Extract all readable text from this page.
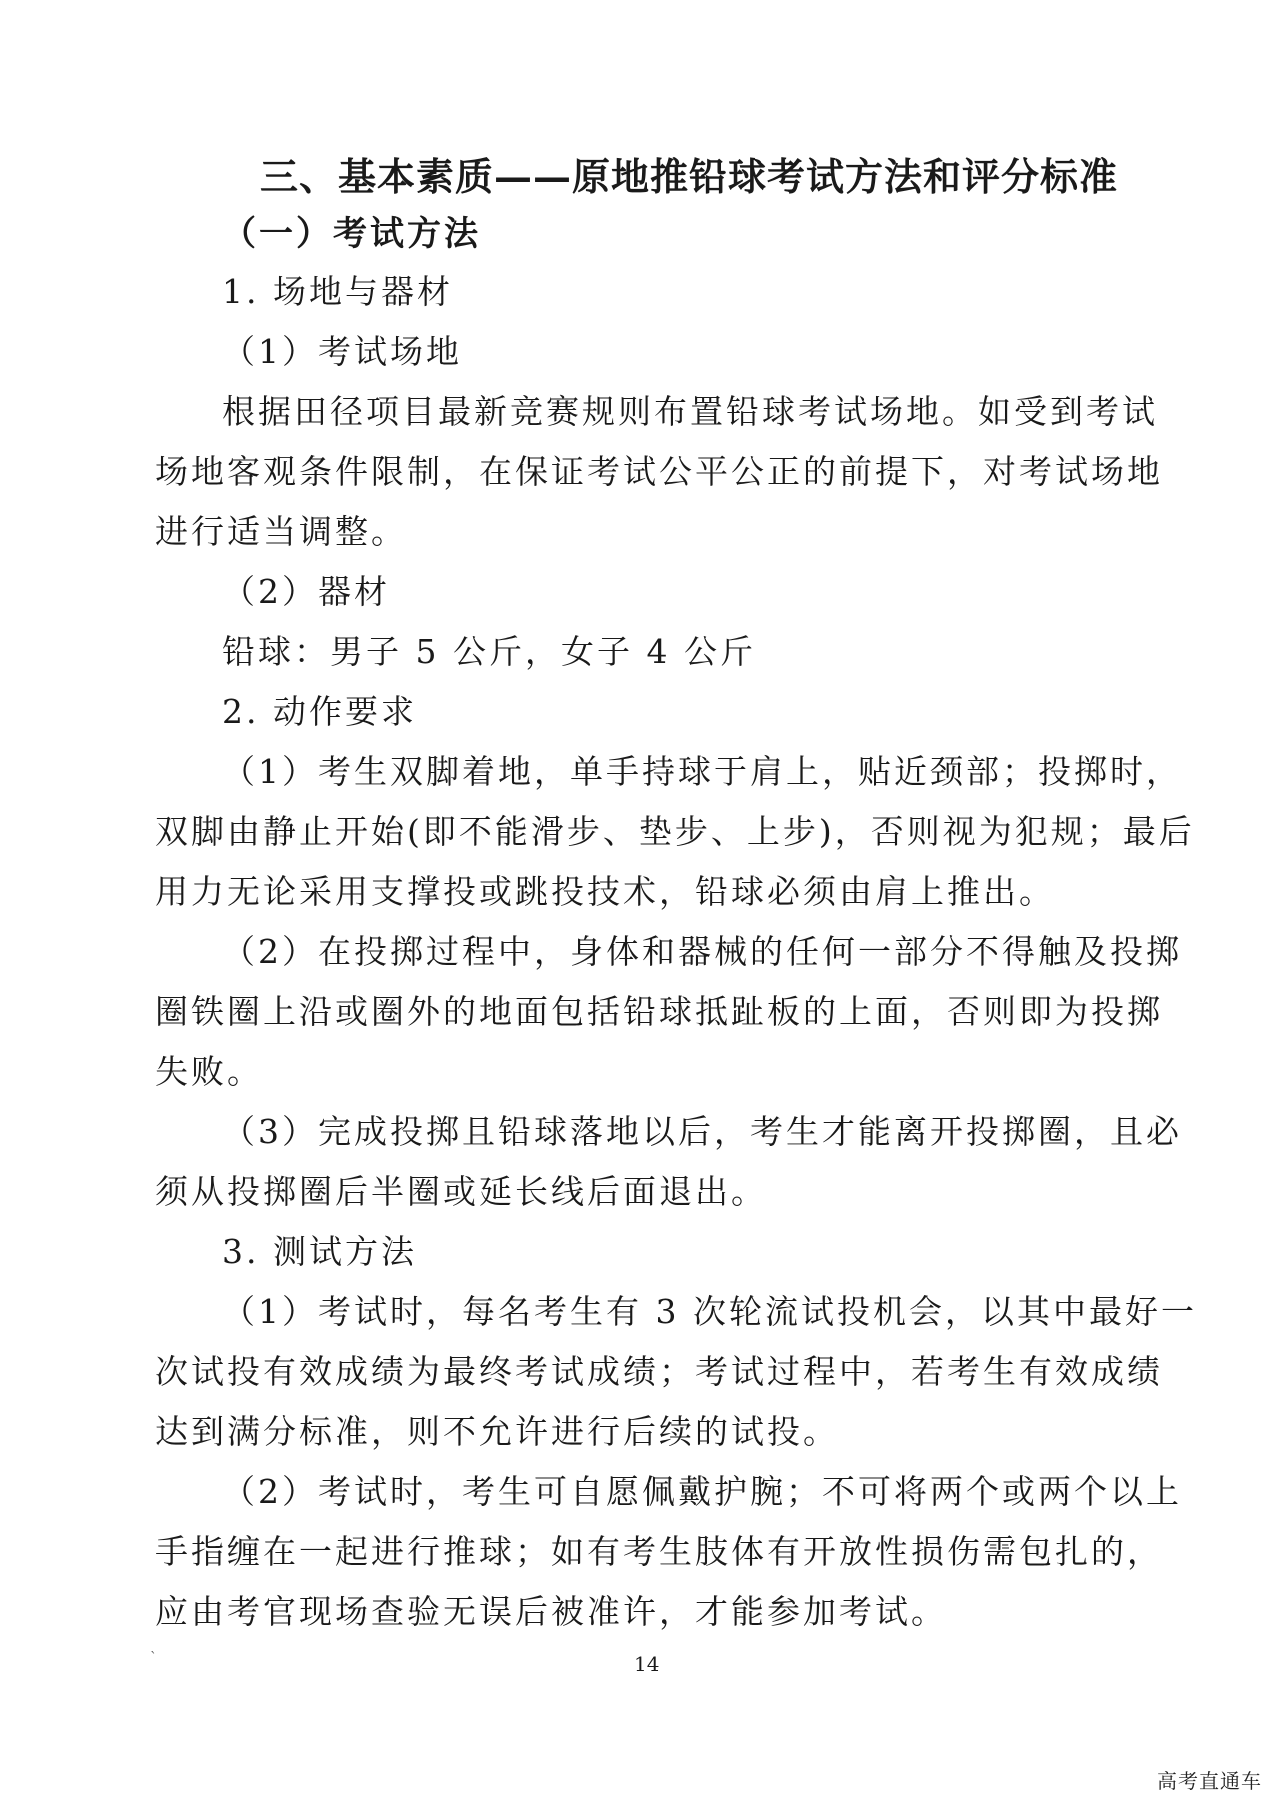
三、基本素质——原地推铅球考试方法和评分标准
（一）考试方法
1. 场地与器材
（1）考试场地
根据田径项目最新竞赛规则布置铅球考试场地。如受到考试
场地客观条件限制，在保证考试公平公正的前提下，对考试场地
进行适当调整。
（2）器材
铅球：男子 5 公斤，女子 4 公斤
2. 动作要求
（1）考生双脚着地，单手持球于肩上，贴近颈部；投掷时，
双脚由静止开始(即不能滑步、垫步、上步)，否则视为犯规；最后
用力无论采用支撑投或跳投技术，铅球必须由肩上推出。
（2）在投掷过程中，身体和器械的任何一部分不得触及投掷
圈铁圈上沿或圈外的地面包括铅球抵趾板的上面，否则即为投掷
失败。
（3）完成投掷且铅球落地以后，考生才能离开投掷圈，且必
须从投掷圈后半圈或延长线后面退出。
3. 测试方法
（1）考试时，每名考生有 3 次轮流试投机会，以其中最好一
次试投有效成绩为最终考试成绩；考试过程中，若考生有效成绩
达到满分标准，则不允许进行后续的试投。
（2）考试时，考生可自愿佩戴护腕；不可将两个或两个以上
手指缠在一起进行推球；如有考生肢体有开放性损伤需包扎的，
应由考官现场查验无误后被准许，才能参加考试。
`	14
高考直通车
